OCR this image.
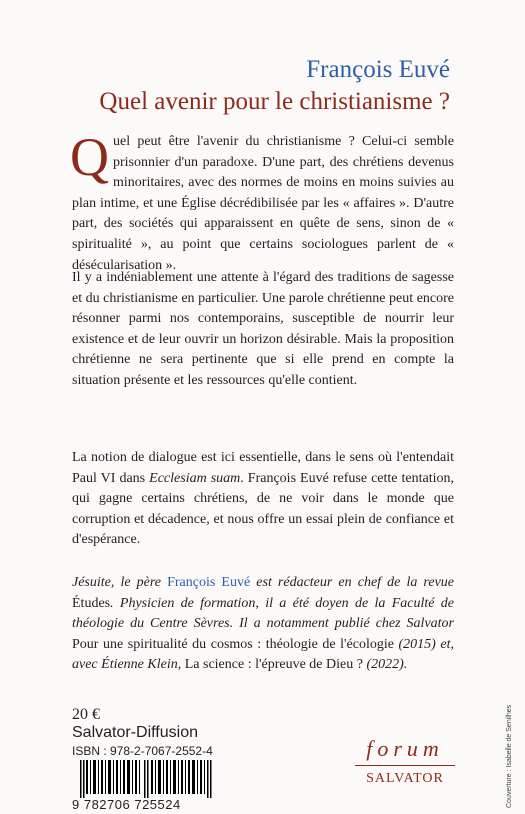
François Euvé
Quel avenir pour le christianisme ?
Quel peut être l'avenir du christianisme ? Celui-ci semble prisonnier d'un paradoxe. D'une part, des chrétiens devenus minoritaires, avec des normes de moins en moins suivies au plan intime, et une Église décrédibilisée par les « affaires ». D'autre part, des sociétés qui apparaissent en quête de sens, sinon de « spiritualité », au point que certains sociologues parlent de « désécularisation ».
Il y a indéniablement une attente à l'égard des traditions de sagesse et du christianisme en particulier. Une parole chrétienne peut encore résonner parmi nos contemporains, susceptible de nourrir leur existence et de leur ouvrir un horizon désirable. Mais la proposition chrétienne ne sera pertinente que si elle prend en compte la situation présente et les ressources qu'elle contient.
La notion de dialogue est ici essentielle, dans le sens où l'entendait Paul VI dans Ecclesiam suam. François Euvé refuse cette tentation, qui gagne certains chrétiens, de ne voir dans le monde que corruption et décadence, et nous offre un essai plein de confiance et d'espérance.
Jésuite, le père François Euvé est rédacteur en chef de la revue Études. Physicien de formation, il a été doyen de la Faculté de théologie du Centre Sèvres. Il a notamment publié chez Salvator Pour une spiritualité du cosmos : théologie de l'écologie (2015) et, avec Étienne Klein, La science : l'épreuve de Dieu ? (2022).
20 €
Salvator-Diffusion
ISBN : 978-2-7067-2552-4
9 782706 725524
forum
SALVATOR	Couverture : Isabelle de Senilhes
